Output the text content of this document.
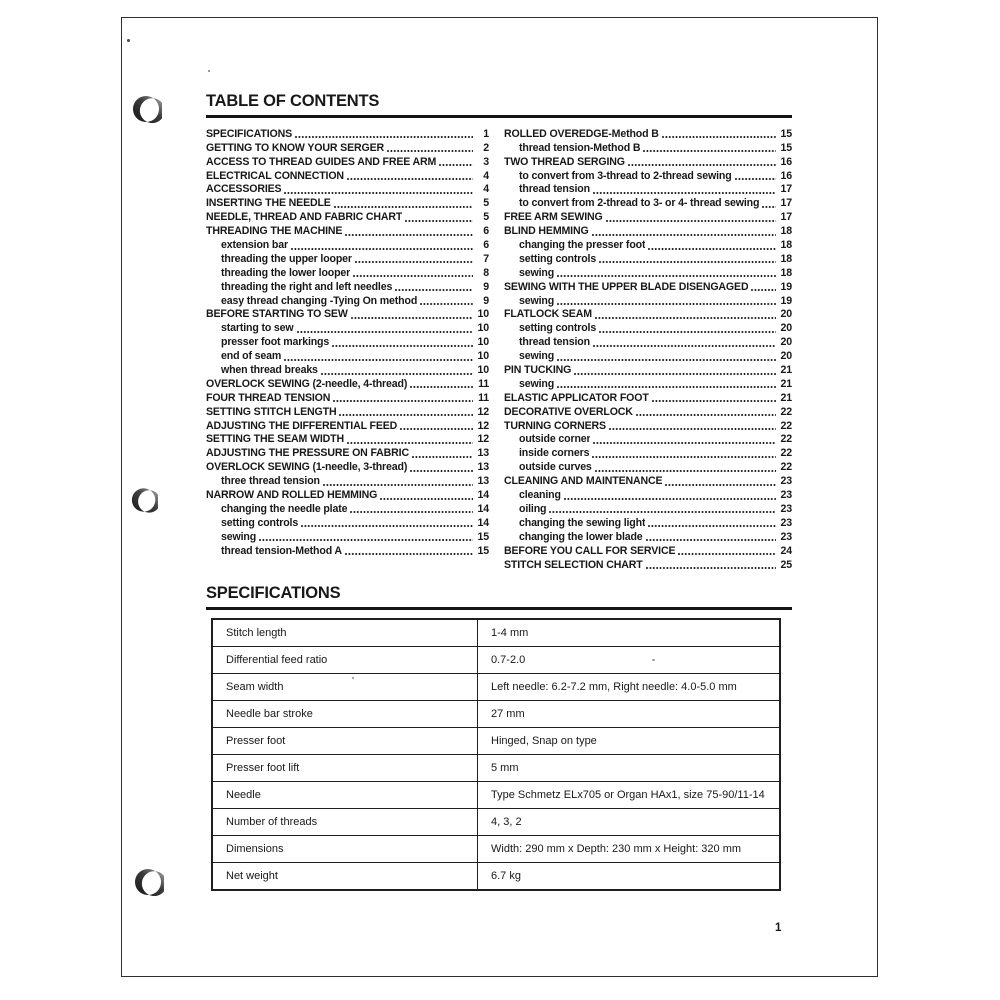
TABLE OF CONTENTS
SPECIFICATIONS	1
GETTING TO KNOW YOUR SERGER	2
ACCESS TO THREAD GUIDES AND FREE ARM	3
ELECTRICAL CONNECTION	4
ACCESSORIES	4
INSERTING THE NEEDLE	5
NEEDLE, THREAD AND FABRIC CHART	5
THREADING THE MACHINE	6
extension bar	6
threading the upper looper	7
threading the lower looper	8
threading the right and left needles	9
easy thread changing -Tying On method	9
BEFORE STARTING TO SEW	10
starting to sew	10
presser foot markings	10
end of seam	10
when thread breaks	10
OVERLOCK SEWING (2-needle, 4-thread)	11
FOUR THREAD TENSION	11
SETTING STITCH LENGTH	12
ADJUSTING THE DIFFERENTIAL FEED	12
SETTING THE SEAM WIDTH	12
ADJUSTING THE PRESSURE ON FABRIC	13
OVERLOCK SEWING (1-needle, 3-thread)	13
three thread tension	13
NARROW AND ROLLED HEMMING	14
changing the needle plate	14
setting controls	14
sewing	15
thread tension-Method A	15
ROLLED OVEREDGE-Method B	15
thread tension-Method B	15
TWO THREAD SERGING	16
to convert from 3-thread to 2-thread sewing	16
thread tension	17
to convert from 2-thread to 3- or 4- thread sewing 17
FREE ARM SEWING	17
BLIND HEMMING	18
changing the presser foot	18
setting controls	18
sewing	18
SEWING WITH THE UPPER BLADE DISENGAGED	19
sewing	19
FLATLOCK SEAM	20
setting controls	20
thread tension	20
sewing	20
PIN TUCKING	21
sewing	21
ELASTIC APPLICATOR FOOT	21
DECORATIVE OVERLOCK	22
TURNING CORNERS	22
outside corner	22
inside corners	22
outside curves	22
CLEANING AND MAINTENANCE	23
cleaning	23
oiling	23
changing the sewing light	23
changing the lower blade	23
BEFORE YOU CALL FOR SERVICE	24
STITCH SELECTION CHART	25
SPECIFICATIONS
Stitch length	1-4 mm
Differential feed ratio	0.7-2.0
Seam width	Left needle: 6.2-7.2 mm, Right needle: 4.0-5.0 mm
Needle bar stroke	27 mm
Presser foot	Hinged, Snap on type
Presser foot lift	5 mm
Needle	Type Schmetz ELx705 or Organ HAx1, size 75-90/11-14
Number of threads	4, 3, 2
Dimensions	Width: 290 mm x Depth: 230 mm x Height: 320 mm
Net weight	6.7 kg
1
